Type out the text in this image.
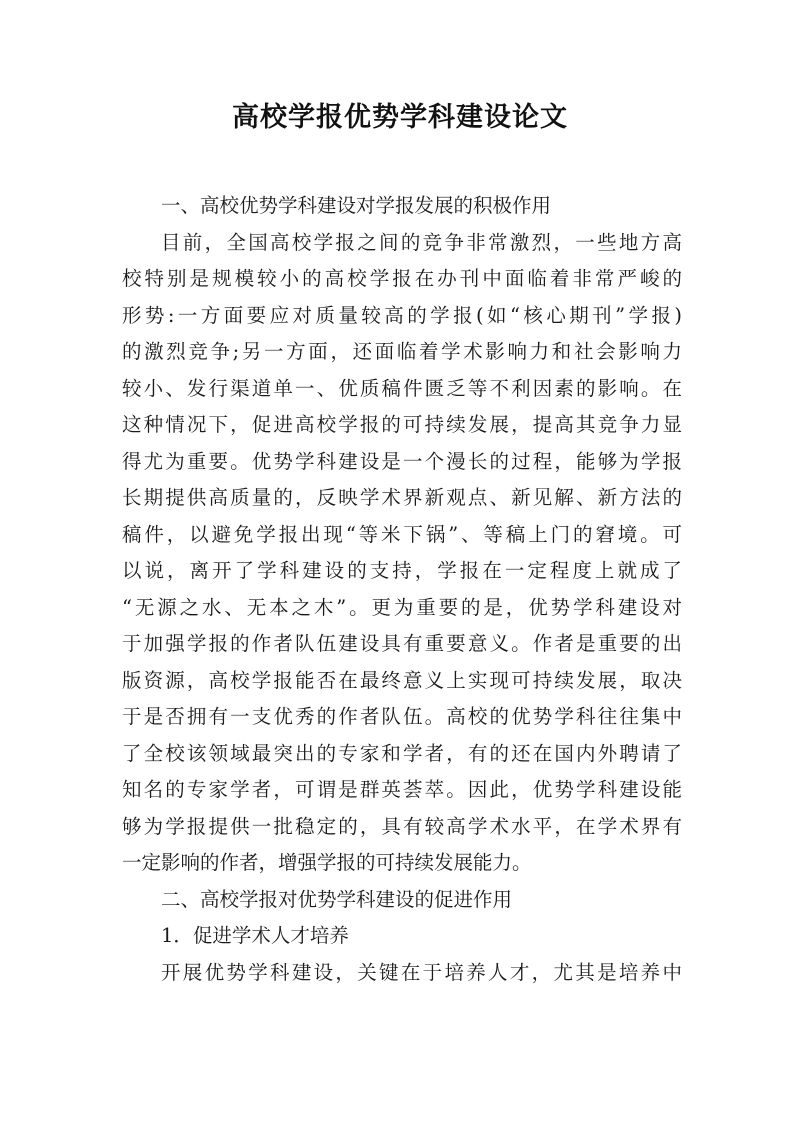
高校学报优势学科建设论文
一、高校优势学科建设对学报发展的积极作用
目前，全国高校学报之间的竞争非常激烈，一些地方高
校特别是规模较小的高校学报在办刊中面临着非常严峻的
形势:一方面要应对质量较高的学报(如“核心期刊”学报)
的激烈竞争;另一方面，还面临着学术影响力和社会影响力
较小、发行渠道单一、优质稿件匮乏等不利因素的影响。在
这种情况下，促进高校学报的可持续发展，提高其竞争力显
得尤为重要。优势学科建设是一个漫长的过程，能够为学报
长期提供高质量的，反映学术界新观点、新见解、新方法的
稿件，以避免学报出现“等米下锅”、等稿上门的窘境。可
以说，离开了学科建设的支持，学报在一定程度上就成了
“无源之水、无本之木”。更为重要的是，优势学科建设对
于加强学报的作者队伍建设具有重要意义。作者是重要的出
版资源，高校学报能否在最终意义上实现可持续发展，取决
于是否拥有一支优秀的作者队伍。高校的优势学科往往集中
了全校该领域最突出的专家和学者，有的还在国内外聘请了
知名的专家学者，可谓是群英荟萃。因此，优势学科建设能
够为学报提供一批稳定的，具有较高学术水平，在学术界有
一定影响的作者，增强学报的可持续发展能力。
二、高校学报对优势学科建设的促进作用
1．促进学术人才培养
开展优势学科建设，关键在于培养人才，尤其是培养中
